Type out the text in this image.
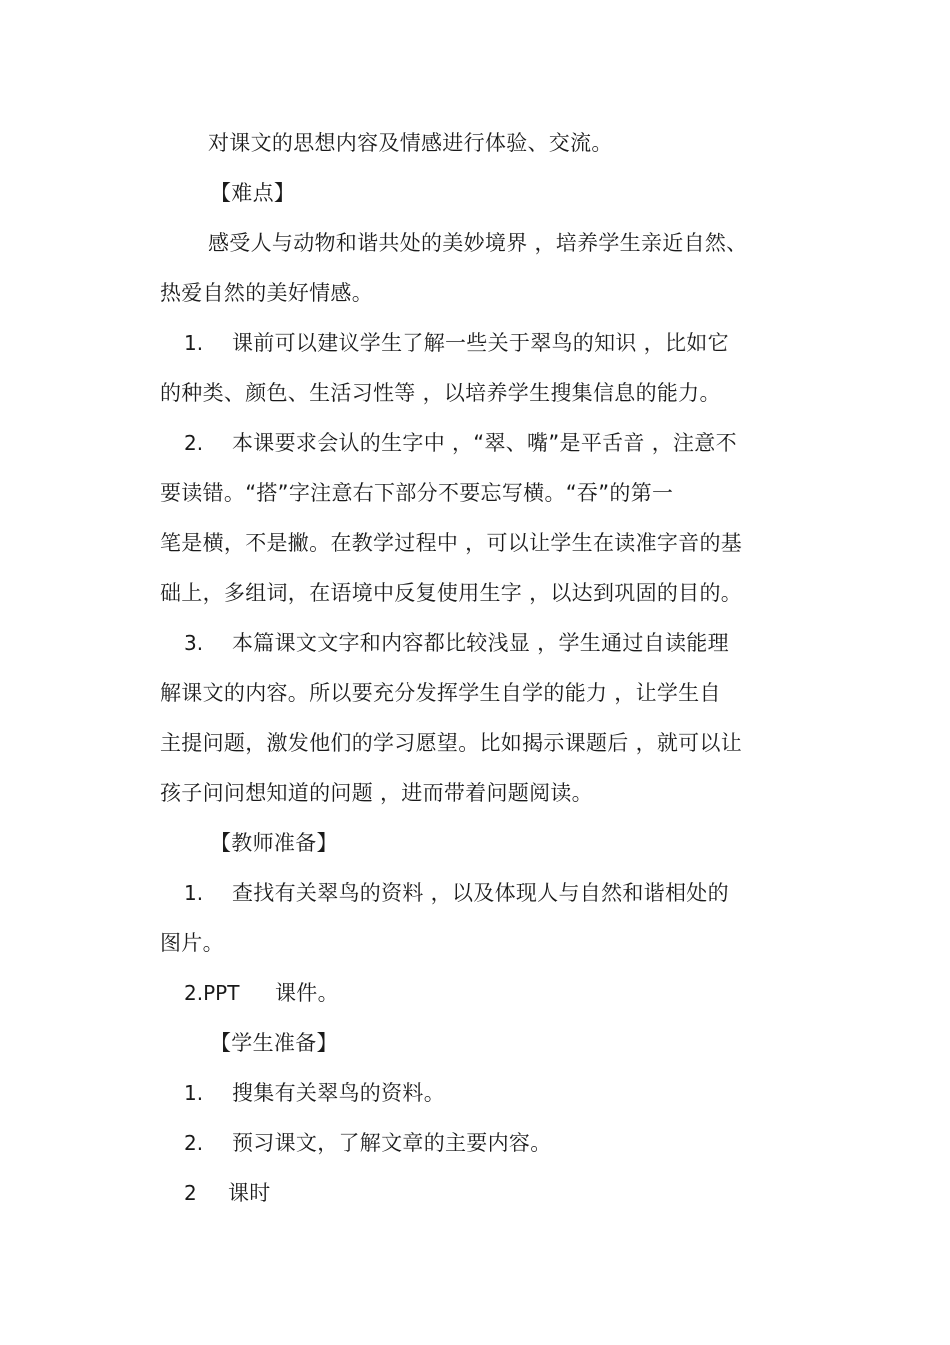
对课文的思想内容及情感进行体验、交流。
【难点】
感受人与动物和谐共处的美妙境界 ，培养学生亲近自然、
热爱自然的美好情感。
1. 课前可以建议学生了解一些关于翠鸟的知识 ，比如它
的种类、颜色、生活习性等 ，以培养学生搜集信息的能力。
2. 本课要求会认的生字中 ，“翠、嘴”是平舌音 ，注意不
要读错。“搭”字注意右下部分不要忘写横。“吞”的第一
笔是横，不是撇。在教学过程中 ，可以让学生在读准字音的基
础上，多组词，在语境中反复使用生字 ，以达到巩固的目的。
3. 本篇课文文字和内容都比较浅显 ，学生通过自读能理
解课文的内容。所以要充分发挥学生自学的能力 ，让学生自
主提问题，激发他们的学习愿望。比如揭示课题后 ，就可以让
孩子问问想知道的问题 ，进而带着问题阅读。
【教师准备】
1. 查找有关翠鸟的资料 ，以及体现人与自然和谐相处的
图片。
2.PPT 课件。
【学生准备】
1. 搜集有关翠鸟的资料。
2. 预习课文，了解文章的主要内容。
2 课时
